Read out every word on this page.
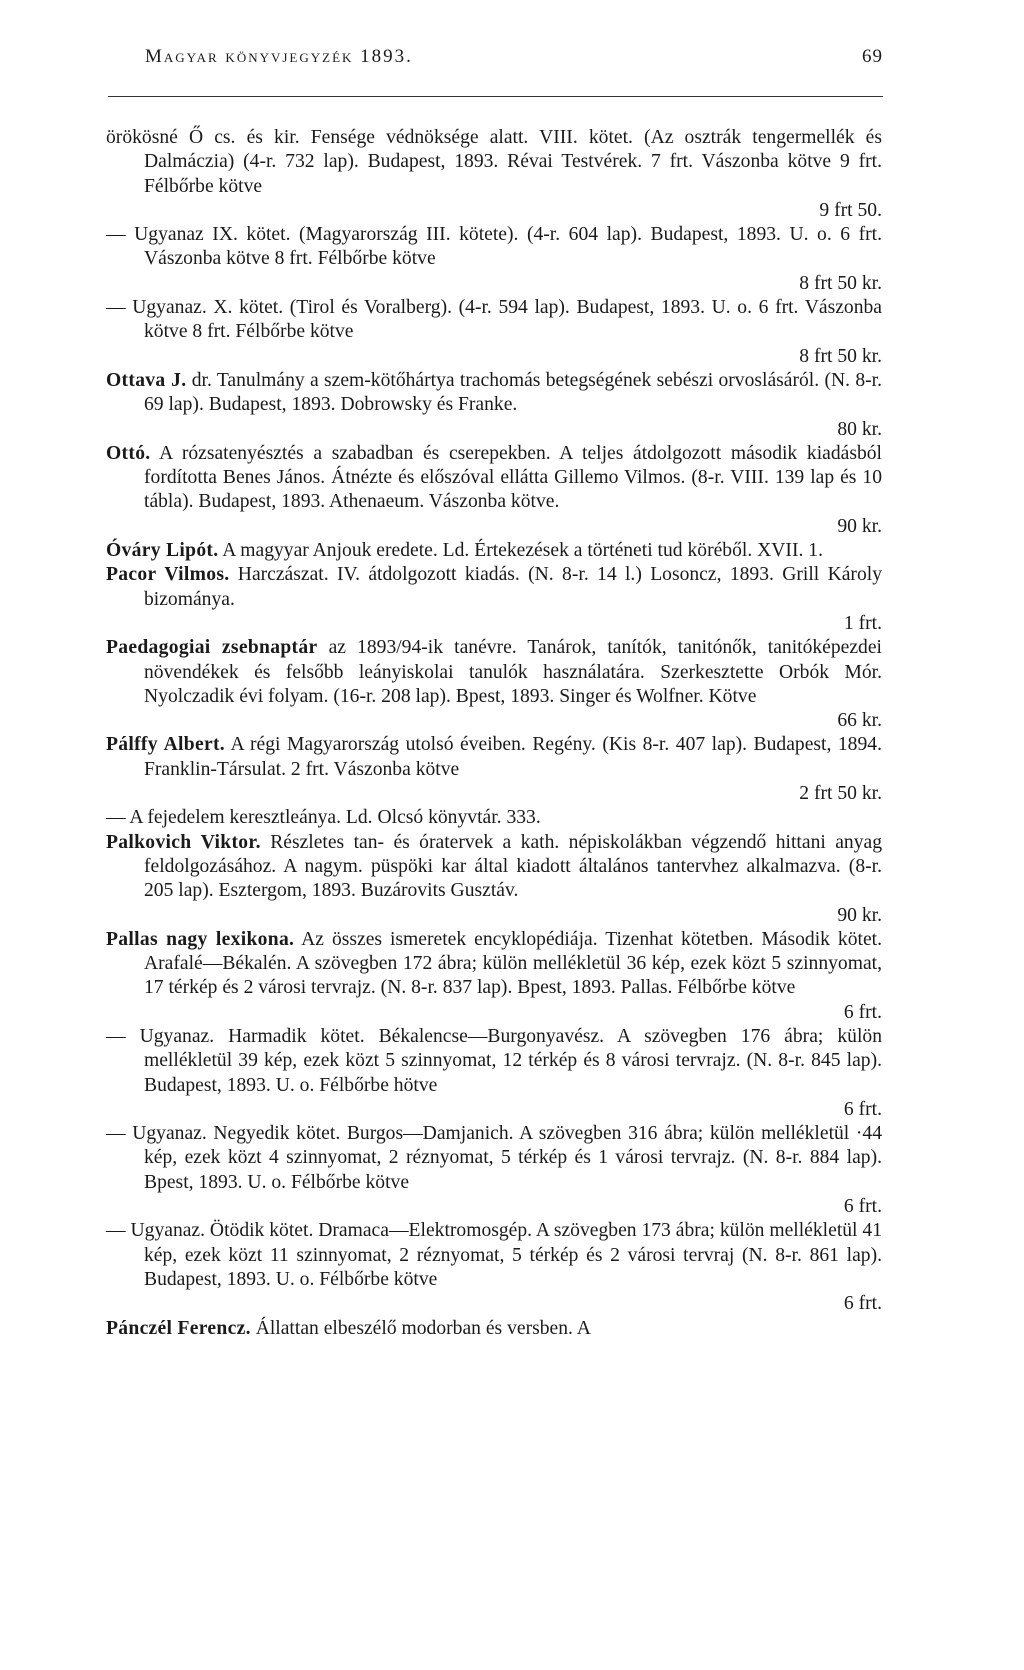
Magyar könyvjegyzék 1893.	69

örökösné Ő cs. és kir. Fensége védnöksége alatt. VIII. kötet. (Az osztrák tengermellék és Dalmáczia) (4-r. 732 lap). Budapest, 1893. Révai Testvérek. 7 frt. Vászonba kötve 9 frt. Félbőrbe kötve
9 frt 50.

— Ugyanaz IX. kötet. (Magyarország III. kötete). (4-r. 604 lap). Budapest, 1893. U. o. 6 frt. Vászonba kötve 8 frt. Félbőrbe kötve
8 frt 50 kr.

— Ugyanaz. X. kötet. (Tirol és Voralberg). (4-r. 594 lap). Budapest, 1893. U. o. 6 frt. Vászonba kötve 8 frt. Félbőrbe kötve
8 frt 50 kr.

Ottava J. dr. Tanulmány a szem-kötőhártya trachomás betegségének sebészi orvoslásáról. (N. 8-r. 69 lap). Budapest, 1893. Dobrowsky és Franke.
80 kr.

Ottó. A rózsatenyésztés a szabadban és cserepekben. A teljes átdolgozott második kiadásból fordította Benes János. Átnézte és előszóval ellátta Gillemo Vilmos. (8-r. VIII. 139 lap és 10 tábla). Budapest, 1893. Athenaeum. Vászonba kötve.
90 kr.

Óváry Lipót. A magyyar Anjouk eredete. Ld. Értekezések a történeti tud köréből. XVII. 1.

Pacor Vilmos. Harczászat. IV. átdolgozott kiadás. (N. 8-r. 14 l.) Losoncz, 1893. Grill Károly bizománya.
1 frt.

Paedagogiai zsebnaptár az 1893/94-ik tanévre. Tanárok, tanítók, tanitónők, tanitóképezdei növendékek és felsőbb leányiskolai tanulók használatára. Szerkesztette Orbók Mór. Nyolczadik évi folyam. (16-r. 208 lap). Bpest, 1893. Singer és Wolfner. Kötve
66 kr.

Pálffy Albert. A régi Magyarország utolsó éveiben. Regény. (Kis 8-r. 407 lap). Budapest, 1894. Franklin-Társulat. 2 frt. Vászonba kötve
2 frt 50 kr.

— A fejedelem keresztleánya. Ld. Olcsó könyvtár. 333.

Palkovich Viktor. Részletes tan- és óratervek a kath. népiskolákban végzendő hittani anyag feldolgozásához. A nagym. püspöki kar által kiadott általános tantervhez alkalmazva. (8-r. 205 lap). Esztergom, 1893. Buzárovits Gusztáv.
90 kr.

Pallas nagy lexikona. Az összes ismeretek encyklopédiája. Tizenhat kötetben. Második kötet. Arafalé—Békalén. A szövegben 172 ábra; külön mellékletül 36 kép, ezek közt 5 szinnyomat, 17 térkép és 2 városi tervrajz. (N. 8-r. 837 lap). Bpest, 1893. Pallas. Félbőrbe kötve
6 frt.

— Ugyanaz. Harmadik kötet. Békalencse—Burgonyavész. A szövegben 176 ábra; külön mellékletül 39 kép, ezek közt 5 szinnyomat, 12 térkép és 8 városi tervrajz. (N. 8-r. 845 lap). Budapest, 1893. U. o. Félbőrbe hötve
6 frt.

— Ugyanaz. Negyedik kötet. Burgos—Damjanich. A szövegben 316 ábra; külön mellékletül ·44 kép, ezek közt 4 szinnyomat, 2 réznyomat, 5 térkép és 1 városi tervrajz. (N. 8-r. 884 lap). Bpest, 1893. U. o. Félbőrbe kötve
6 frt.

— Ugyanaz. Ötödik kötet. Dramaca—Elektromosgép. A szövegben 173 ábra; külön mellékletül 41 kép, ezek közt 11 szinnyomat, 2 réznyomat, 5 térkép és 2 városi tervraj (N. 8-r. 861 lap). Budapest, 1893. U. o. Félbőrbe kötve
6 frt.

Pánczél Ferencz. Állattan elbeszélő modorban és versben. A
